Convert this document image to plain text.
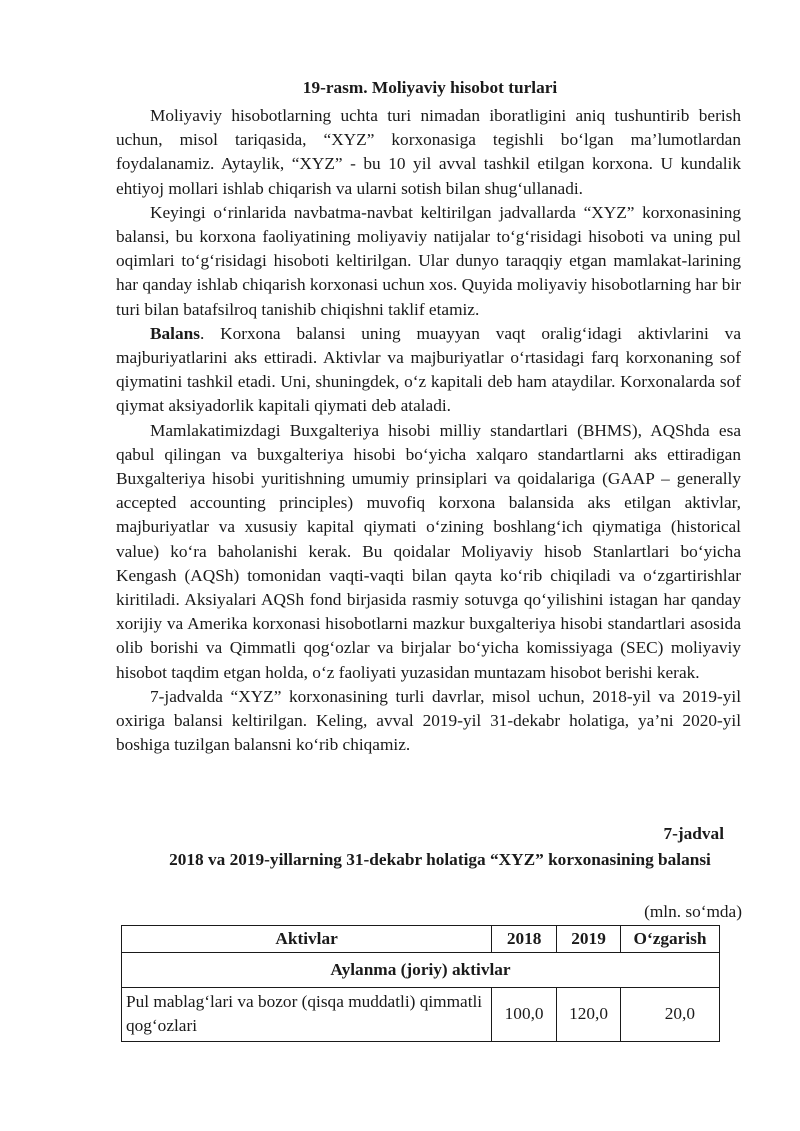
19-rasm. Moliyaviy hisobot turlari

Moliyaviy hisobotlarning uchta turi nimadan iboratligini aniq tushuntirib berish uchun, misol tariqasida, “XYZ” korxonasiga tegishli bo‘lgan ma’lumotlardan foydalanamiz. Aytaylik, “XYZ” - bu 10 yil avval tashkil etilgan korxona. U kundalik ehtiyoj mollari ishlab chiqarish va ularni sotish bilan shug‘ullanadi.

Keyingi o‘rinlarida navbatma-navbat keltirilgan jadvallarda “XYZ” korxonasining balansi, bu korxona faoliyatining moliyaviy natijalar to‘g‘risidagi hisoboti va uning pul oqimlari to‘g‘risidagi hisoboti keltirilgan. Ular dunyo taraqqiy etgan mamlakat-larining har qanday ishlab chiqarish korxonasi uchun xos. Quyida moliyaviy hisobotlarning har bir turi bilan batafsilroq tanishib chiqishni taklif etamiz.

Balans. Korxona balansi uning muayyan vaqt oralig‘idagi aktivlarini va majburiyatlarini aks ettiradi. Aktivlar va majburiyatlar o‘rtasidagi farq korxonaning sof qiymatini tashkil etadi. Uni, shuningdek, o‘z kapitali deb ham ataydilar. Korxonalarda sof qiymat aksiyadorlik kapitali qiymati deb ataladi.

Mamlakatimizdagi Buxgalteriya hisobi milliy standartlari (BHMS), AQShda esa qabul qilingan va buxgalteriya hisobi bo‘yicha xalqaro standartlarni aks ettiradigan Buxgalteriya hisobi yuritishning umumiy prinsiplari va qoidalariga (GAAP – generally accepted accounting principles) muvofiq korxona balansida aks etilgan aktivlar, majburiyatlar va xususiy kapital qiymati o‘zining boshlang‘ich qiymatiga (historical value) ko‘ra baholanishi kerak. Bu qoidalar Moliyaviy hisob Stanlartlari bo‘yicha Kengash (AQSh) tomonidan vaqti-vaqti bilan qayta ko‘rib chiqiladi va o‘zgartirishlar kiritiladi. Aksiyalari AQSh fond birjasida rasmiy sotuvga qo‘yilishini istagan har qanday xorijiy va Amerika korxonasi hisobotlarni mazkur buxgalteriya hisobi standartlari asosida olib borishi va Qimmatli qog‘ozlar va birjalar bo‘yicha komissiyaga (SEC) moliyaviy hisobot taqdim etgan holda, o‘z faoliyati yuzasidan muntazam hisobot berishi kerak.

7-jadvalda “XYZ” korxonasining turli davrlar, misol uchun, 2018-yil va 2019-yil oxiriga balansi keltirilgan. Keling, avval 2019-yil 31-dekabr holatiga, ya’ni 2020-yil boshiga tuzilgan balansni ko‘rib chiqamiz.

7-jadval
2018 va 2019-yillarning 31-dekabr holatiga “XYZ” korxonasining balansi
(mln. so‘mda)
Aktivlar	2018	2019	O‘zgarish
Aylanma (joriy) aktivlar			
Pul mablag‘lari va bozor (qisqa muddatli) qimmatli qog‘ozlari	100,0	120,0	20,0
